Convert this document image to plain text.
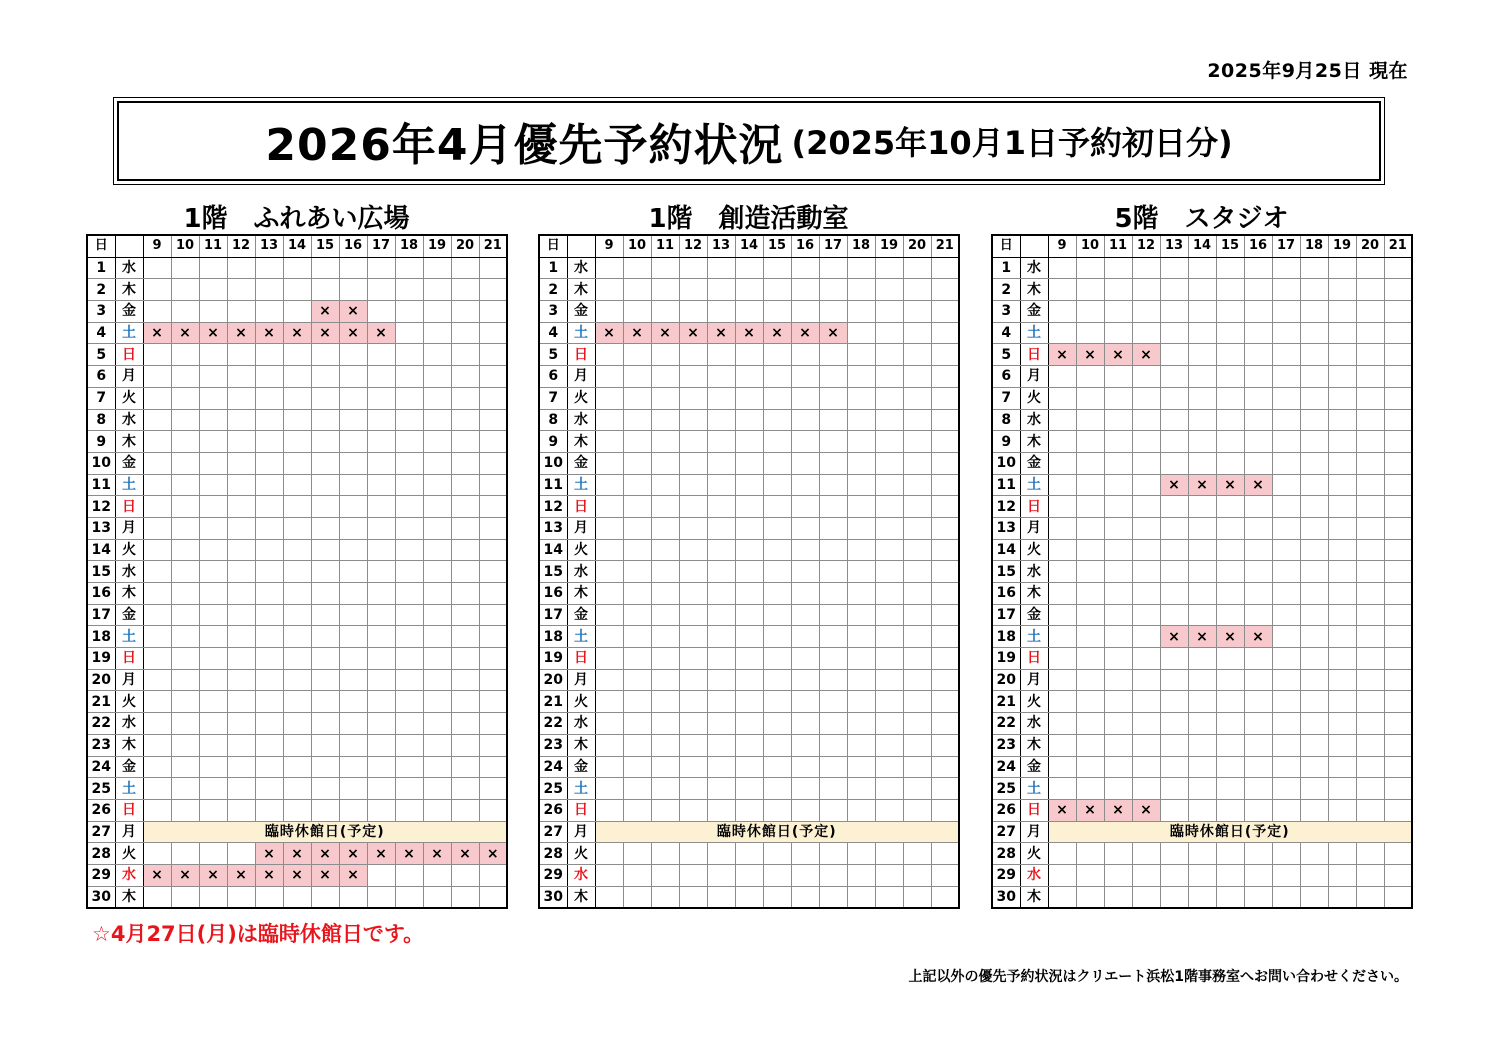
2025年9月25日 現在
2026年4月優先予約状況 (2025年10月1日予約初日分)
1階　ふれあい広場	1階　創造活動室	5階　スタジオ
日		9	10	11	12	13	14	15	16	17	18	19	20	21
1	水													
2	木													
3	金							×	×					
4	土	×	×	×	×	×	×	×	×	×				
5	日													
6	月													
7	火													
8	水													
9	木													
10	金													
11	土													
12	日													
13	月													
14	火													
15	水													
16	木													
17	金													
18	土													
19	日													
20	月													
21	火													
22	水													
23	木													
24	金													
25	土													
26	日													
27	月	臨時休館日(予定)												
28	火					×	×	×	×	×	×	×	×	×
29	水	×	×	×	×	×	×	×	×					
30	木													
日		9	10	11	12	13	14	15	16	17	18	19	20	21
1	水													
2	木													
3	金													
4	土	×	×	×	×	×	×	×	×	×				
5	日													
6	月													
7	火													
8	水													
9	木													
10	金													
11	土													
12	日													
13	月													
14	火													
15	水													
16	木													
17	金													
18	土													
19	日													
20	月													
21	火													
22	水													
23	木													
24	金													
25	土													
26	日													
27	月	臨時休館日(予定)												
28	火													
29	水													
30	木													
日		9	10	11	12	13	14	15	16	17	18	19	20	21
1	水													
2	木													
3	金													
4	土													
5	日	×	×	×	×									
6	月													
7	火													
8	水													
9	木													
10	金													
11	土					×	×	×	×					
12	日													
13	月													
14	火													
15	水													
16	木													
17	金													
18	土					×	×	×	×					
19	日													
20	月													
21	火													
22	水													
23	木													
24	金													
25	土													
26	日	×	×	×	×									
27	月	臨時休館日(予定)												
28	火													
29	水													
30	木													
☆4月27日(月)は臨時休館日です。
上記以外の優先予約状況はクリエート浜松1階事務室へお問い合わせください。
